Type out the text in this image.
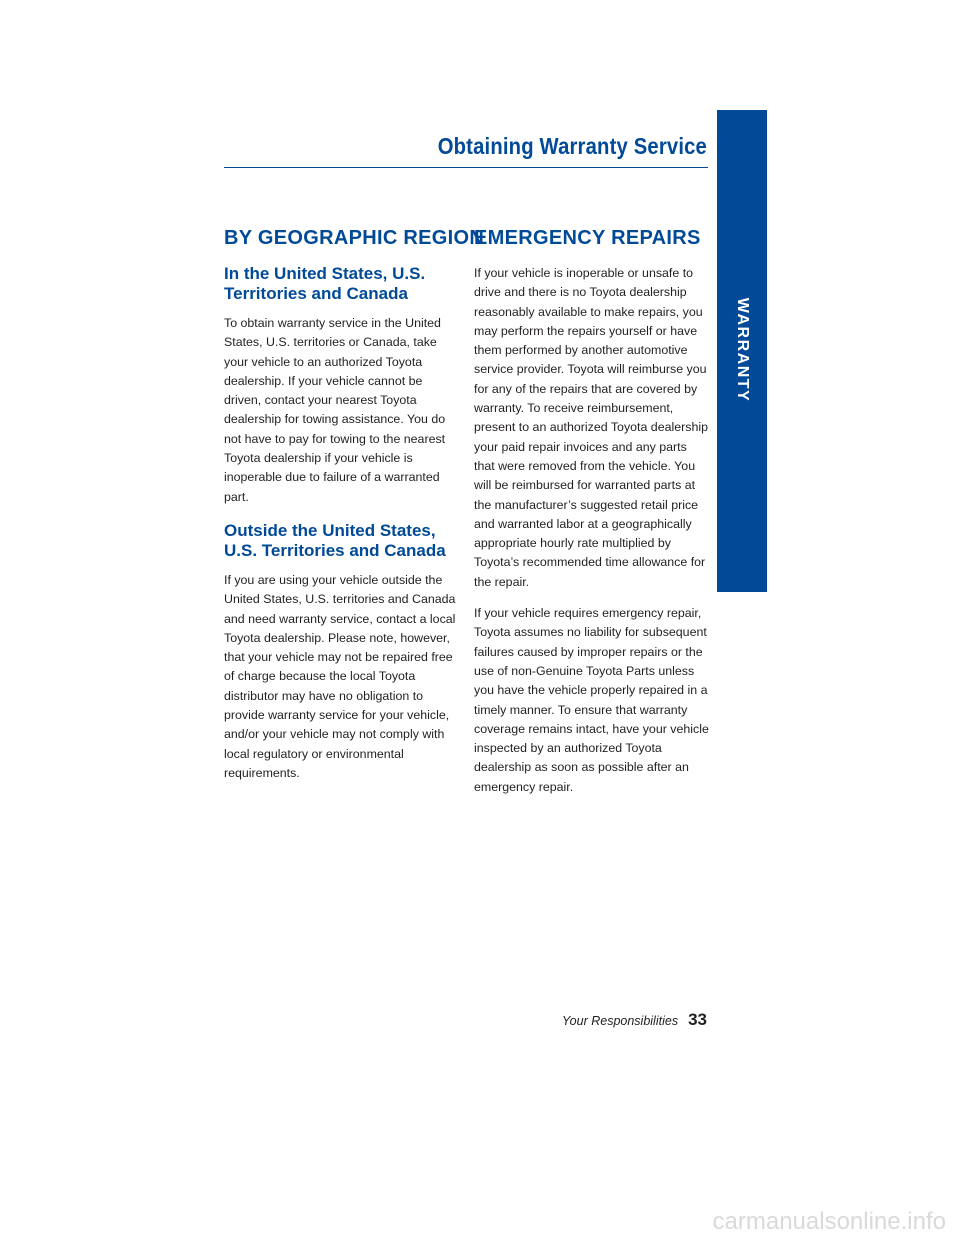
Obtaining Warranty Service
WARRANTY
BY GEOGRAPHIC REGION
In the United States, U.S. Territories and Canada

To obtain warranty service in the United States, U.S. territories or Canada, take your vehicle to an authorized Toyota dealership. If your vehicle cannot be driven, contact your nearest Toyota dealership for towing assistance. You do not have to pay for towing to the nearest Toyota dealership if your vehicle is inoperable due to failure of a warranted part.

Outside the United States, U.S. Territories and Canada

If you are using your vehicle outside the United States, U.S. territories and Canada and need warranty service, contact a local Toyota dealership. Please note, however, that your vehicle may not be repaired free of charge because the local Toyota distributor may have no obligation to provide warranty service for your vehicle, and/or your vehicle may not comply with local regulatory or environmental requirements.

EMERGENCY REPAIRS

If your vehicle is inoperable or unsafe to drive and there is no Toyota dealership reasonably available to make repairs, you may perform the repairs yourself or have them performed by another automotive service provider. Toyota will reimburse you for any of the repairs that are covered by warranty. To receive reimbursement, present to an authorized Toyota dealership your paid repair invoices and any parts that were removed from the vehicle. You will be reimbursed for warranted parts at the manufacturer’s suggested retail price and warranted labor at a geographically appropriate hourly rate multiplied by Toyota’s recommended time allowance for the repair.

If your vehicle requires emergency repair, Toyota assumes no liability for subsequent failures caused by improper repairs or the use of non-Genuine Toyota Parts unless you have the vehicle properly repaired in a timely manner. To ensure that warranty coverage remains intact, have your vehicle inspected by an authorized Toyota dealership as soon as possible after an emergency repair.

Your Responsibilities 33
carmanualsonline.info
